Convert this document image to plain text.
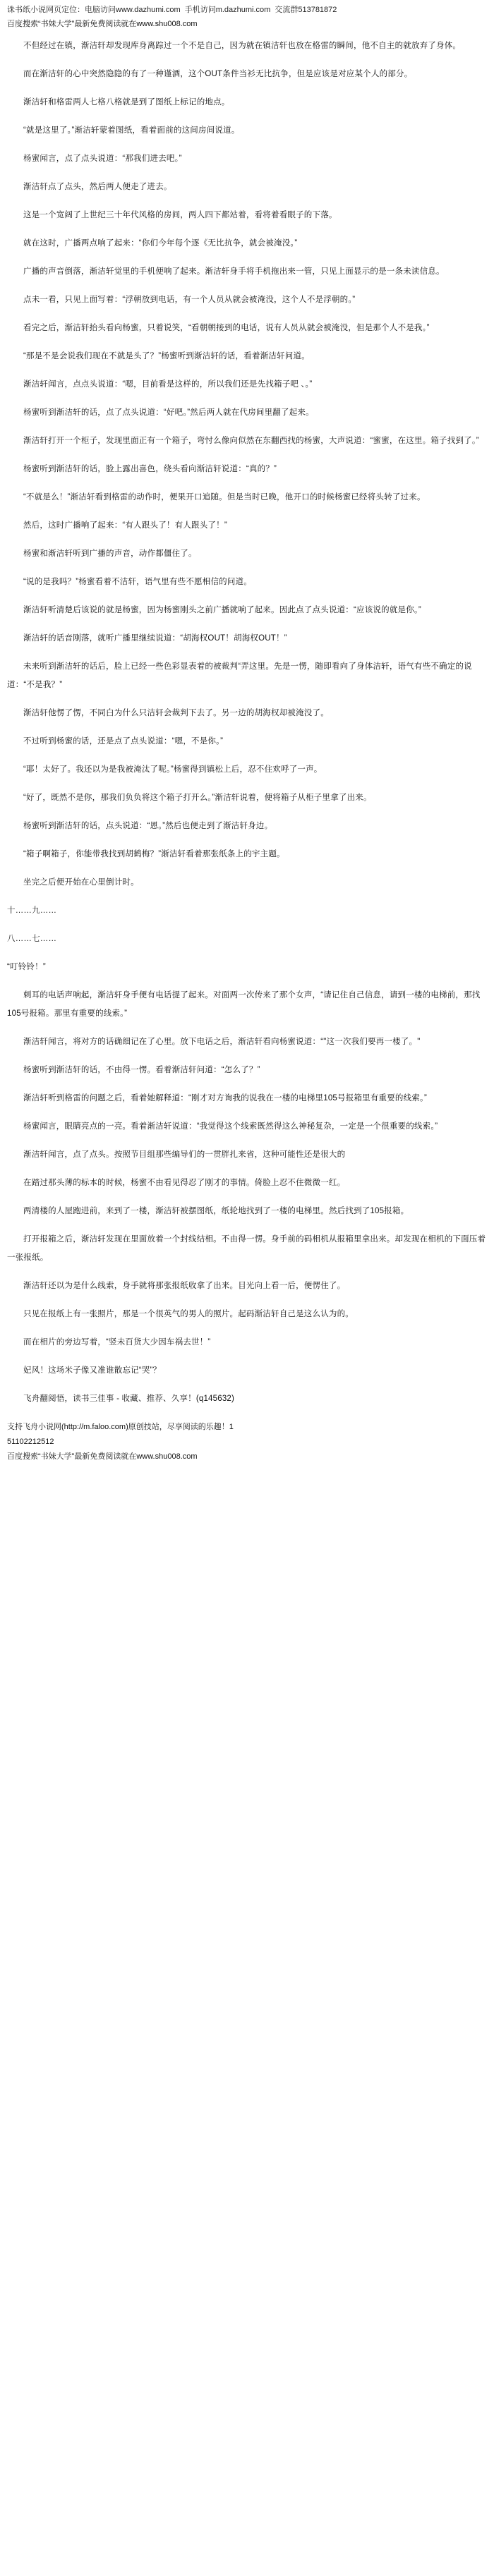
诛书纸小说网页定位：电脑访问www.dazhumi.com 手机访问m.dazhumi.com 交流群513781872
百度搜索“书妹大学”最新免费阅读就在www.shu008.com

不但经过在镇，渐洁轩却发现库身离踪过一个不是自己，因为就在镇洁轩也放在格雷的瞬间，他不自主的就放弃了身体。

而在渐洁轩的心中突然隐隐的有了一种谨酒，这个OUT条件当衫无比抗争，但是应该是对应某个人的部分。

渐洁轩和格雷两人七格八格就是到了图纸上标记的地点。

“就是这里了。”渐洁轩蒙着图纸，看着面前的这间房间说道。

杨蜜闻言，点了点头说道：“那我们进去吧。”

渐洁轩点了点头，然后两人便走了进去。

这是一个宽阔了上世纪三十年代风格的房间，两人四下都站着，看将着看眼子的下落。

就在这时，广播两点响了起来：“你们今年每个逐《无比抗争，就会被淹没。”

广播的声音倒落，渐洁轩觉里的手机便响了起来。渐洁轩身手将手机拖出来一管，只见上面显示的是一条未读信息。

点未一看，只见上面写着：“浮朝放到电话，有一个人员从就会被淹没，这个人不是浮朝的。”

看完之后，渐洁轩抬头看向杨蜜，只着说笑，“看朝朝接到的电话，说有人员从就会被淹没，但是那个人不是我。”

“那是不是会说我们现在不就是头了？”杨蜜听到渐洁轩的话，看着渐洁轩问道。

渐洁轩闻言，点点头说道：“嗯，目前看是这样的，所以我们还是先找箱子吧 、。”

杨蜜听到渐洁轩的话，点了点头说道：“好吧。”然后两人就在代房间里翻了起来。

渐洁轩打开一个柜子，发现里面正有一个箱子，弯忖么像向似然在东翻西找的杨蜜，大声说道：“蜜蜜，在这里。箱子找到了。”

杨蜜听到渐洁轩的话，脸上露出喜色，绕头看向渐洁轩说道：“真的？”

“不就是么！”渐洁轩看到格雷的动作时，便果开口追随。但是当时已晚，他开口的时候杨蜜已经将头转了过来。

然后，这时广播响了起来：“有人跟头了！有人跟头了！”

杨蜜和渐洁轩听到广播的声音，动作都僵住了。

“说的是我吗？”杨蜜看着不洁轩，语气里有些不愿相信的问道。

渐洁轩听清楚后该说的就是杨蜜，因为杨蜜刚头之前广播就响了起来。因此点了点头说道：“应该说的就是你。”

渐洁轩的话音刚落，就听广播里继续说道：“胡海权OUT！胡海权OUT！”

未来听到渐洁轩的话后，脸上已经一些色彩显表着的被裁判“弄这里。先是一愣，随即看向了身体洁轩，语气有些不确定的说道：“不是我？”

渐洁轩他愣了愣，不同白为什么只洁轩会裁判下去了。另一边的胡海权却被淹没了。

不过听到杨蜜的话，还是点了点头说道：“嗯，不是你。”

“耶！太好了。我还以为是我被淹汰了呢。”杨蜜得到镇松上后，忍不住欢呼了一声。

“好了，既然不是你，那我们负负将这个箱子打开么。”渐洁轩说着，便将箱子从柜子里拿了出来。

杨蜜听到渐洁轩的话，点头说道：“恩。”然后也便走到了渐洁轩身边。

“箱子啊箱子，你能带我找到胡鹤梅？”渐洁轩看着那张纸条上的宇主题。

坐完之后便开始在心里倒计时。

十……九……

八……七……

“叮铃铃！”

刺耳的电话声响起，渐洁轩身手便有电话提了起来。对面两一次传来了那个女声，“请记住自己信息，请到一楼的电梯前，那找105号报箱。那里有重要的线索。”

渐洁轩闻言，将对方的话确细记在了心里。放下电话之后，渐洁轩看向杨蜜说道：“"这一次我们要再一楼了。"

杨蜜听到渐洁轩的话，不由得一愣。看着渐洁轩问道：“怎么了？”

渐洁轩听到格雷的问题之后，看着她解释道：“刚才对方询我的说我在一楼的电梯里105号报箱里有重要的线索。”

杨蜜闻言，眼睛亮点的一亮。看着渐洁轩说道：“我觉得这个线索既然得这么神秘复杂，一定是一个很重要的线索。”

渐洁轩闻言，点了点头。按照节目组那些编导们的一贯胖扎来省，这种可能性还是很大的

在踏过那头薄的标本的时候，杨蜜不由看见得忍了刚才的事情。倚脸上忍不住微微一红。

两清楼的人屋跑进前，来到了一楼，渐洁轩被摆图纸，纸轮地找到了一楼的电梯里。然后找到了105报箱。

打开报箱之后，渐洁轩发现在里面放着一个封线结相。不由得一愣。身手前的码相机从报箱里拿出来。却发现在相机的下面压着一张报纸。

渐洁轩还以为是什么线索，身手就将那张报纸收拿了出来。目光向上看一后，便愣住了。

只见在报纸上有一张照片，那是一个很英气的男人的照片。起码渐洁轩自己是这么认为的。

而在相片的旁边写着，“竖未百货大少因车祸去世！”

妃风！这场米子像又准谁散忘记“哭”？

飞舟翻阅悟，读书三佳事 - 收藏、推荐、久享！(q145632)

支持飞舟小说网(http://m.faloo.com)原创技站，尽享阅读的乐趣！1

51102212512

百度搜索“书妹大学”最新免费阅读就在www.shu008.com
